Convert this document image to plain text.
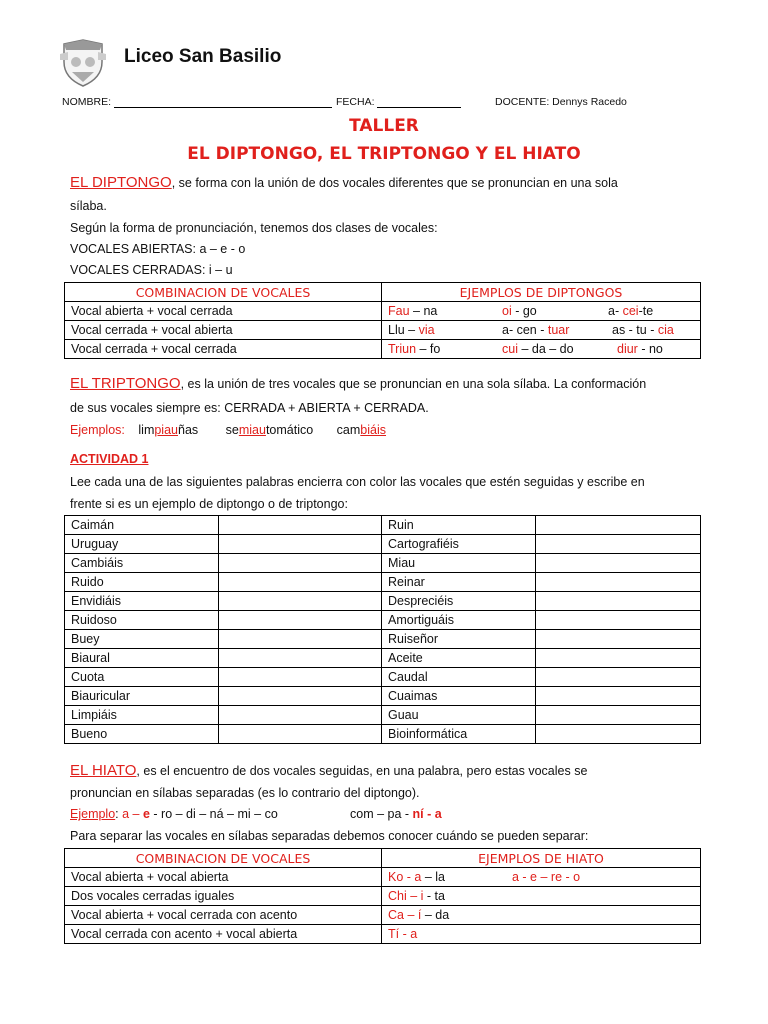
Liceo San Basilio
NOMBRE:	FECHA:	DOCENTE: Dennys Racedo
TALLER
EL DIPTONGO, EL TRIPTONGO Y EL HIATO
EL DIPTONGO, se forma con la unión de dos vocales diferentes que se pronuncian en una sola
sílaba.
Según la forma de pronunciación, tenemos dos clases de vocales:
VOCALES ABIERTAS: a – e - o
VOCALES CERRADAS: i – u
COMBINACION DE VOCALES	EJEMPLOS DE DIPTONGOS
Vocal abierta + vocal cerrada	Fau – na oi - go a- cei-te
Vocal cerrada + vocal abierta	Llu – via a- cen - tuar as - tu - cia
Vocal cerrada + vocal cerrada	Triun – fo cui – da – do diur - no
EL TRIPTONGO, es la unión de tres vocales que se pronuncian en una sola sílaba. La conformación
de sus vocales siempre es: CERRADA + ABIERTA + CERRADA.
Ejemplos: limpiauñas semiautomático cambiáis
ACTIVIDAD 1
Lee cada una de las siguientes palabras encierra con color las vocales que estén seguidas y escribe en
frente si es un ejemplo de diptongo o de triptongo:
Caimán		Ruin	
Uruguay		Cartografiéis	
Cambiáis		Miau	
Ruido		Reinar	
Envidiáis		Despreciéis	
Ruidoso		Amortiguáis	
Buey		Ruiseñor	
Biaural		Aceite	
Cuota		Caudal	
Biauricular		Cuaimas	
Limpiáis		Guau	
Bueno		Bioinformática	
EL HIATO, es el encuentro de dos vocales seguidas, en una palabra, pero estas vocales se
pronuncian en sílabas separadas (es lo contrario del diptongo).
Ejemplo: a – e - ro – di – ná – mi – co	com – pa - ní - a
Para separar las vocales en sílabas separadas debemos conocer cuándo se pueden separar:
COMBINACION DE VOCALES	EJEMPLOS DE HIATO
Vocal abierta + vocal abierta	Ko - a – la a - e – re - o
Dos vocales cerradas iguales	Chi – i - ta
Vocal abierta + vocal cerrada con acento	Ca – í – da
Vocal cerrada con acento + vocal abierta	Tí - a
